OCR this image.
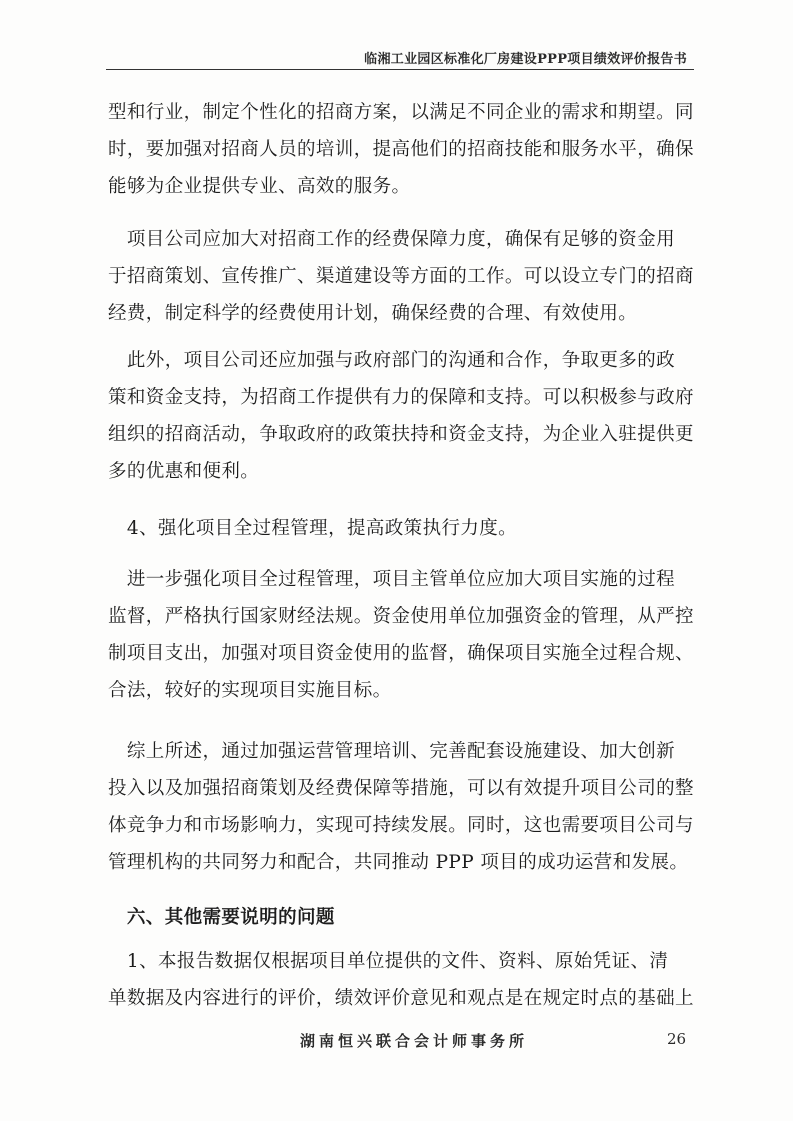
临湘工业园区标准化厂房建设PPP项目绩效评价报告书
型和行业，制定个性化的招商方案，以满足不同企业的需求和期望。同
时，要加强对招商人员的培训，提高他们的招商技能和服务水平，确保
能够为企业提供专业、高效的服务。
　项目公司应加大对招商工作的经费保障力度，确保有足够的资金用
于招商策划、宣传推广、渠道建设等方面的工作。可以设立专门的招商
经费，制定科学的经费使用计划，确保经费的合理、有效使用。
　此外，项目公司还应加强与政府部门的沟通和合作，争取更多的政
策和资金支持，为招商工作提供有力的保障和支持。可以积极参与政府
组织的招商活动，争取政府的政策扶持和资金支持，为企业入驻提供更
多的优惠和便利。
　4、强化项目全过程管理，提高政策执行力度。
　进一步强化项目全过程管理，项目主管单位应加大项目实施的过程
监督，严格执行国家财经法规。资金使用单位加强资金的管理，从严控
制项目支出，加强对项目资金使用的监督，确保项目实施全过程合规、
合法，较好的实现项目实施目标。
　综上所述，通过加强运营管理培训、完善配套设施建设、加大创新
投入以及加强招商策划及经费保障等措施，可以有效提升项目公司的整
体竞争力和市场影响力，实现可持续发展。同时，这也需要项目公司与
管理机构的共同努力和配合，共同推动 PPP 项目的成功运营和发展。
　六、其他需要说明的问题
　1、本报告数据仅根据项目单位提供的文件、资料、原始凭证、清
单数据及内容进行的评价，绩效评价意见和观点是在规定时点的基础上
湖南恒兴联合会计师事务所	26
